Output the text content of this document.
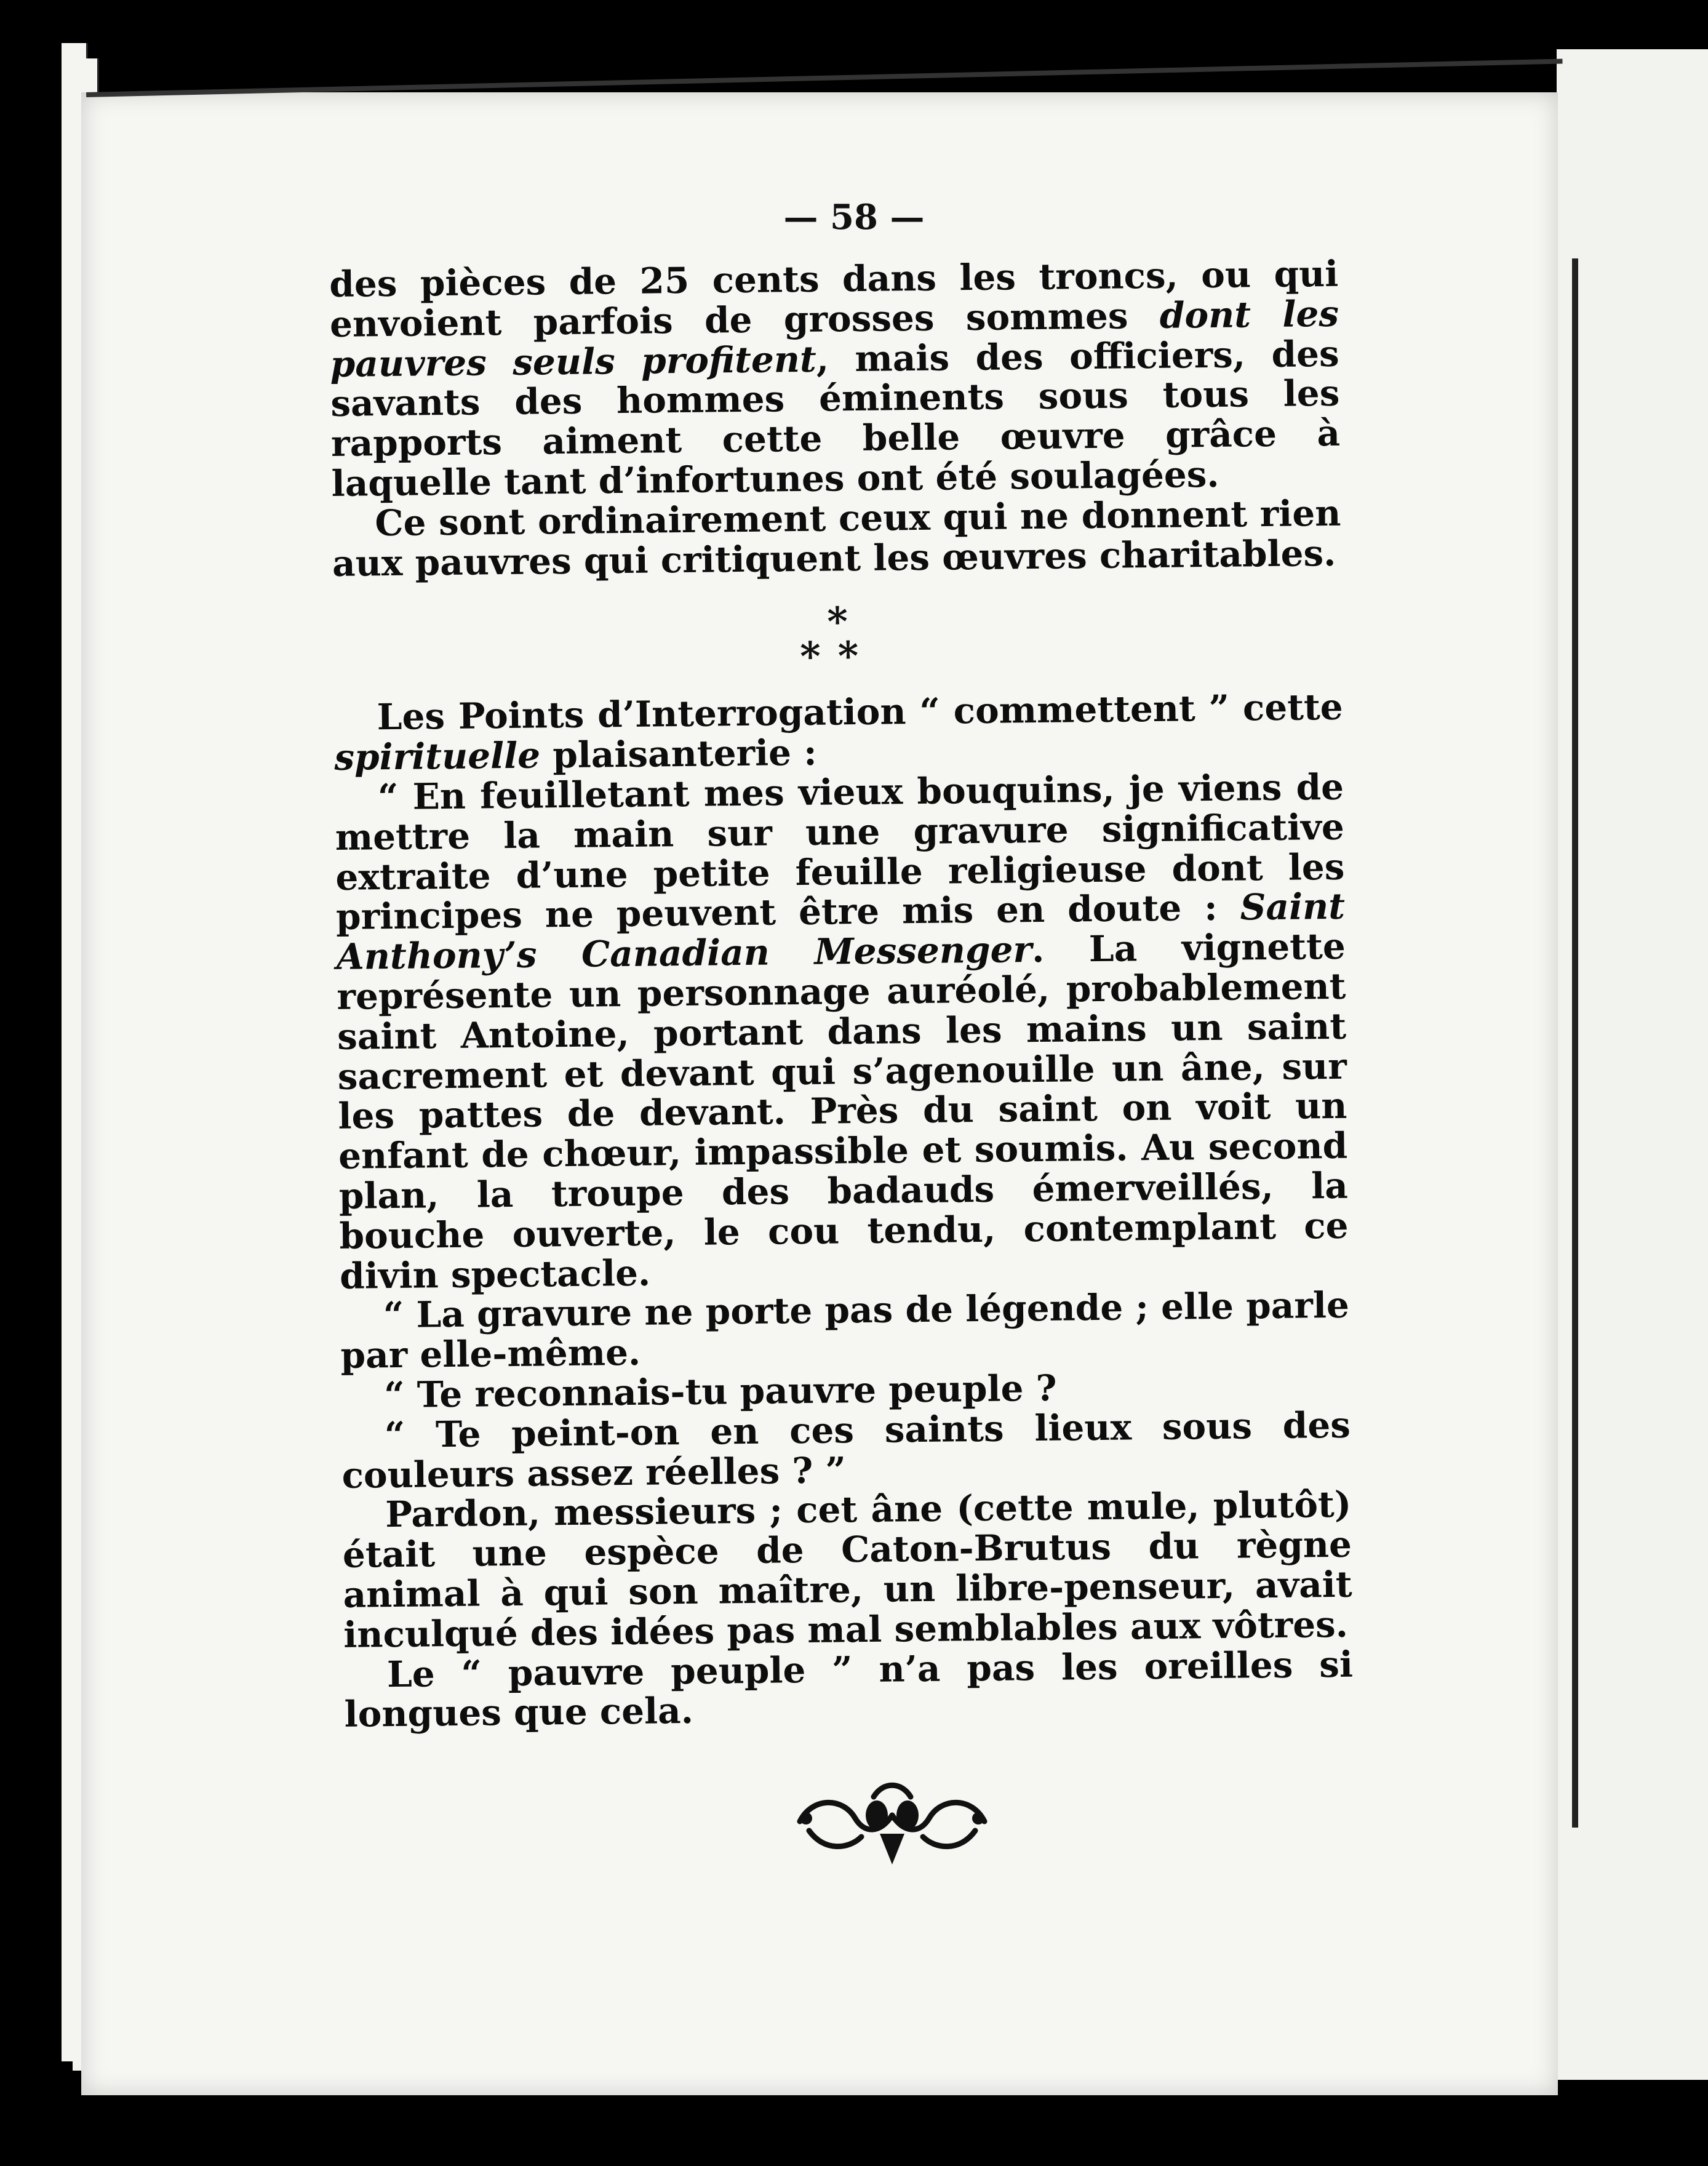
— 58 —

des pièces de 25 cents dans les troncs, ou qui envoient parfois de grosses sommes dont les pauvres seuls profitent, mais des officiers, des savants des hommes éminents sous tous les rapports aiment cette belle œuvre grâce à laquelle tant d’infortunes ont été soulagées.

Ce sont ordinairement ceux qui ne donnent rien aux pauvres qui critiquent les œuvres charitables.

*
**

Les Points d’Interrogation “ commettent ” cette spirituelle plaisanterie :

“ En feuilletant mes vieux bouquins, je viens de mettre la main sur une gravure significative extraite d’une petite feuille religieuse dont les principes ne peuvent être mis en doute : Saint Anthony’s Canadian Messenger. La vignette représente un personnage auréolé, probablement saint Antoine, portant dans les mains un saint sacrement et devant qui s’agenouille un âne, sur les pattes de devant. Près du saint on voit un enfant de chœur, impassible et soumis. Au second plan, la troupe des badauds émerveillés, la bouche ouverte, le cou tendu, contemplant ce divin spectacle.

“ La gravure ne porte pas de légende ; elle parle par elle-même.

“ Te reconnais-tu pauvre peuple ?

“ Te peint-on en ces saints lieux sous des couleurs assez réelles ? ”

Pardon, messieurs ; cet âne (cette mule, plutôt) était une espèce de Caton-Brutus du règne animal à qui son maître, un libre-penseur, avait inculqué des idées pas mal semblables aux vôtres.

Le “ pauvre peuple ” n’a pas les oreilles si longues que cela.
